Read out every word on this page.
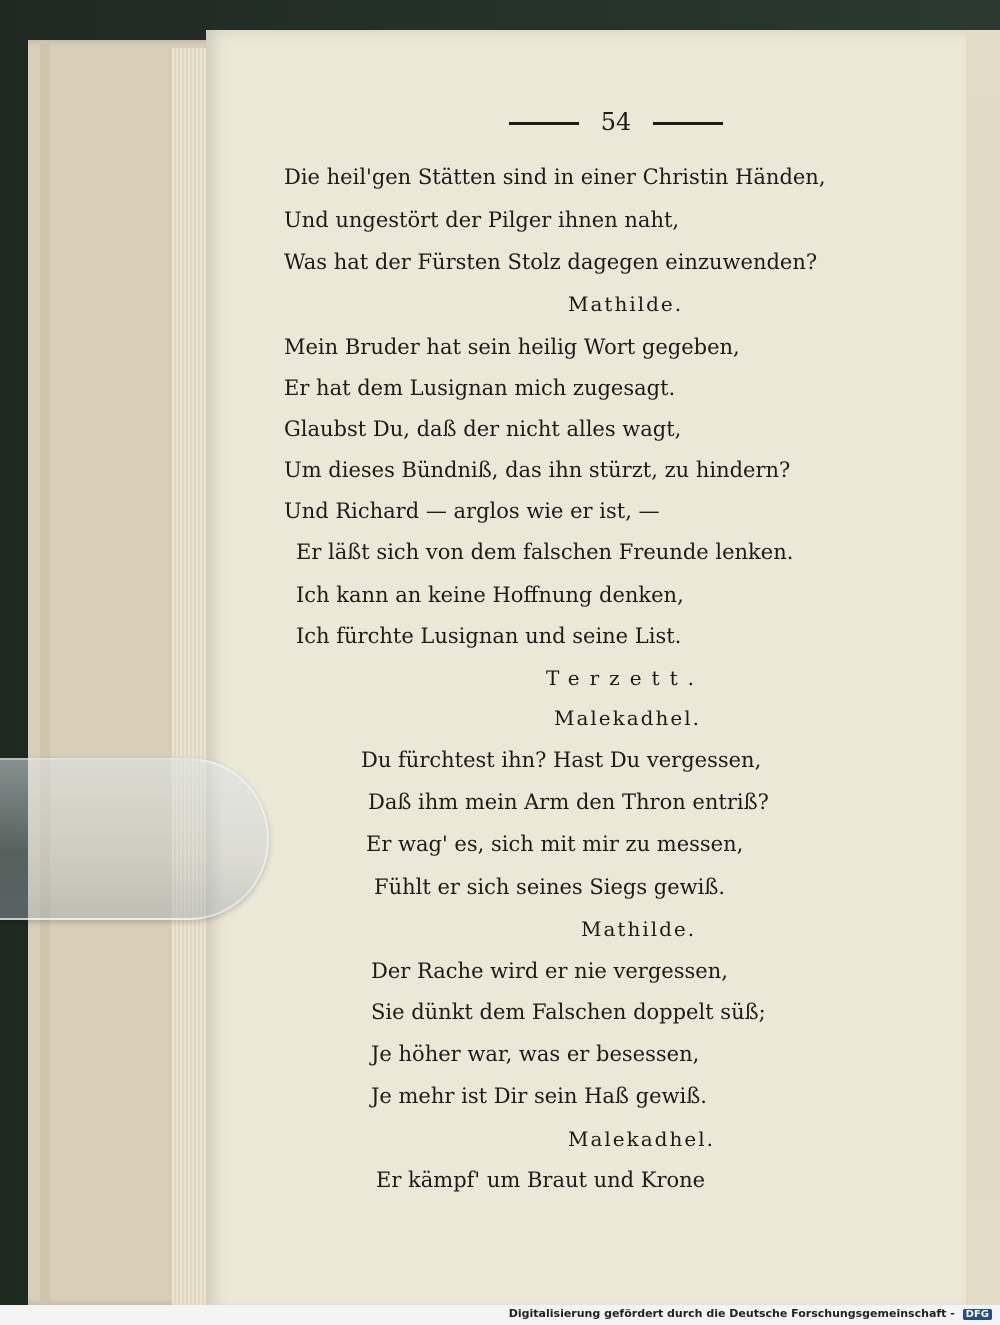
54
Die heil'gen Stätten sind in einer Christin Händen,
Und ungestört der Pilger ihnen naht,
Was hat der Fürsten Stolz dagegen einzuwenden?
Mathilde.
Mein Bruder hat sein heilig Wort gegeben,
Er hat dem Lusignan mich zugesagt.
Glaubst Du, daß der nicht alles wagt,
Um dieses Bündniß, das ihn stürzt, zu hindern?
Und Richard — arglos wie er ist, —
Er läßt sich von dem falschen Freunde lenken.
Ich kann an keine Hoffnung denken,
Ich fürchte Lusignan und seine List.
Terzett.
Malekadhel.
Du fürchtest ihn? Hast Du vergessen,
Daß ihm mein Arm den Thron entriß?
Er wag' es, sich mit mir zu messen,
Fühlt er sich seines Siegs gewiß.
Mathilde.
Der Rache wird er nie vergessen,
Sie dünkt dem Falschen doppelt süß;
Je höher war, was er besessen,
Je mehr ist Dir sein Haß gewiß.
Malekadhel.
Er kämpf' um Braut und Krone
Digitalisierung gefördert durch die Deutsche Forschungsgemeinschaft - DFG
